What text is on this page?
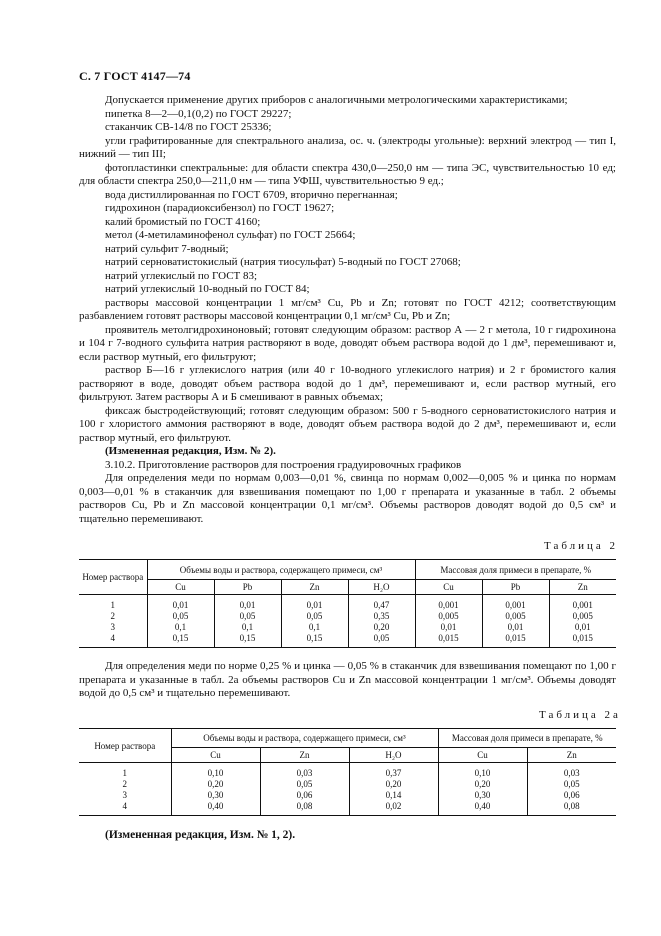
С. 7 ГОСТ 4147—74

Допускается применение других приборов с аналогичными метрологическими характеристиками;

пипетка 8—2—0,1(0,2) по ГОСТ 29227;

стаканчик СВ-14/8 по ГОСТ 25336;

угли графитированные для спектрального анализа, ос. ч. (электроды угольные): верхний электрод — тип I, нижний — тип III;

фотопластинки спектральные: для области спектра 430,0—250,0 нм — типа ЭС, чувствительностью 10 ед; для области спектра 250,0—211,0 нм — типа УФШ, чувствительностью 9 ед.;

вода дистиллированная по ГОСТ 6709, вторично перегнанная;

гидрохинон (парадиоксибензол) по ГОСТ 19627;

калий бромистый по ГОСТ 4160;

метол (4-метиламинофенол сульфат) по ГОСТ 25664;

натрий сульфит 7-водный;

натрий серноватистокислый (натрия тиосульфат) 5-водный по ГОСТ 27068;

натрий углекислый по ГОСТ 83;

натрий углекислый 10-водный по ГОСТ 84;

растворы массовой концентрации 1 мг/см³ Cu, Pb и Zn; готовят по ГОСТ 4212; соответствующим разбавлением готовят растворы массовой концентрации 0,1 мг/см³ Cu, Pb и Zn;

проявитель метолгидрохиноновый; готовят следующим образом: раствор А — 2 г метола, 10 г гидрохинона и 104 г 7-водного сульфита натрия растворяют в воде, доводят объем раствора водой до 1 дм³, перемешивают и, если раствор мутный, его фильтруют;

раствор Б—16 г углекислого натрия (или 40 г 10-водного углекислого натрия) и 2 г бромистого калия растворяют в воде, доводят объем раствора водой до 1 дм³, перемешивают и, если раствор мутный, его фильтруют. Затем растворы А и Б смешивают в равных объемах;

фиксаж быстродействующий; готовят следующим образом: 500 г 5-водного серноватистокислого натрия и 100 г хлористого аммония растворяют в воде, доводят объем раствора водой до 2 дм³, перемешивают и, если раствор мутный, его фильтруют.

(Измененная редакция, Изм. № 2).

3.10.2. Приготовление растворов для построения градуировочных графиков

Для определения меди по нормам 0,003—0,01 %, свинца по нормам 0,002—0,005 % и цинка по нормам 0,003—0,01 % в стаканчик для взвешивания помещают по 1,00 г препарата и указанные в табл. 2 объемы растворов Cu, Pb и Zn массовой концентрации 0,1 мг/см³. Объемы растворов доводят водой до 0,5 см³ и тщательно перемешивают.

Таблица 2
Номер раствора	Объемы воды и раствора, содержащего примеси, см³				Массовая доля примеси в препарате, %		
	Cu	Pb	Zn	H₂O	Cu	Pb	Zn
1	0,01	0,01	0,01	0,47	0,001	0,001	0,001
2	0,05	0,05	0,05	0,35	0,005	0,005	0,005
3	0,1	0,1	0,1	0,20	0,01	0,01	0,01
4	0,15	0,15	0,15	0,05	0,015	0,015	0,015

Для определения меди по норме 0,25 % и цинка — 0,05 % в стаканчик для взвешивания помещают по 1,00 г препарата и указанные в табл. 2а объемы растворов Cu и Zn массовой концентрации 1 мг/см³. Объемы доводят водой до 0,5 см³ и тщательно перемешивают.

Таблица 2а
Номер раствора	Объемы воды и раствора, содержащего примеси, см³			Массовая доля примеси в препарате, %	
	Cu	Zn	H₂O	Cu	Zn
1	0,10	0,03	0,37	0,10	0,03
2	0,20	0,05	0,20	0,20	0,05
3	0,30	0,06	0,14	0,30	0,06
4	0,40	0,08	0,02	0,40	0,08
(Измененная редакция, Изм. № 1, 2).
